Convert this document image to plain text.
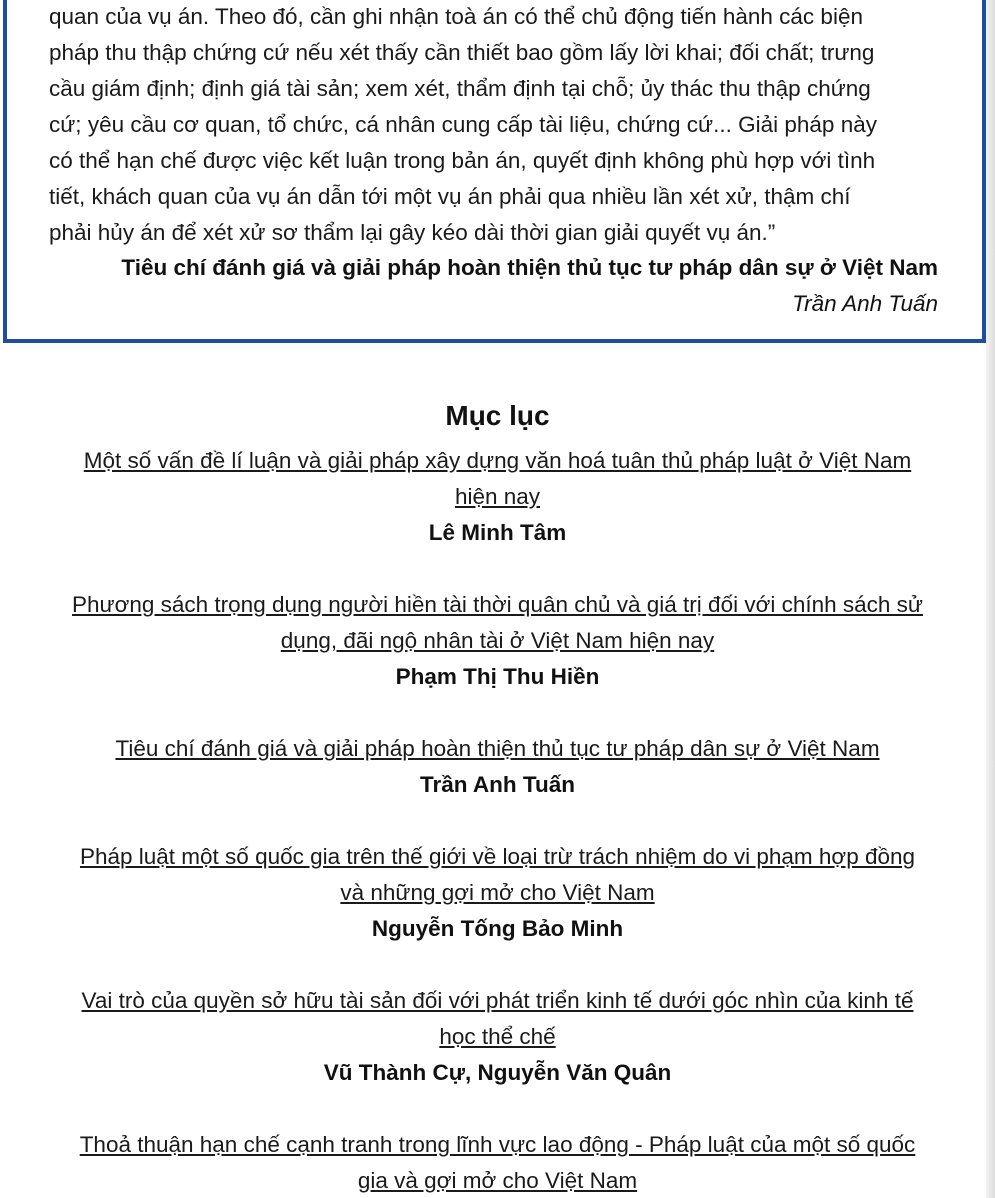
quan của vụ án. Theo đó, cần ghi nhận toà án có thể chủ động tiến hành các biện
pháp thu thập chứng cứ nếu xét thấy cần thiết bao gồm lấy lời khai; đối chất; trưng
cầu giám định; định giá tài sản; xem xét, thẩm định tại chỗ; ủy thác thu thập chứng
cứ; yêu cầu cơ quan, tổ chức, cá nhân cung cấp tài liệu, chứng cứ... Giải pháp này
có thể hạn chế được việc kết luận trong bản án, quyết định không phù hợp với tình
tiết, khách quan của vụ án dẫn tới một vụ án phải qua nhiều lần xét xử, thậm chí
phải hủy án để xét xử sơ thẩm lại gây kéo dài thời gian giải quyết vụ án.”

Tiêu chí đánh giá và giải pháp hoàn thiện thủ tục tư pháp dân sự ở Việt Nam

Trần Anh Tuấn

Mục lục
Một số vấn đề lí luận và giải pháp xây dựng văn hoá tuân thủ pháp luật ở Việt Nam
hiện nay
Lê Minh Tâm
Phương sách trọng dụng người hiền tài thời quân chủ và giá trị đối với chính sách sử
dụng, đãi ngộ nhân tài ở Việt Nam hiện nay
Phạm Thị Thu Hiền
Tiêu chí đánh giá và giải pháp hoàn thiện thủ tục tư pháp dân sự ở Việt Nam
Trần Anh Tuấn
Pháp luật một số quốc gia trên thế giới về loại trừ trách nhiệm do vi phạm hợp đồng
và những gợi mở cho Việt Nam
Nguyễn Tống Bảo Minh
Vai trò của quyền sở hữu tài sản đối với phát triển kinh tế dưới góc nhìn của kinh tế
học thể chế
Vũ Thành Cự, Nguyễn Văn Quân
Thoả thuận hạn chế cạnh tranh trong lĩnh vực lao động - Pháp luật của một số quốc
gia và gợi mở cho Việt Nam
